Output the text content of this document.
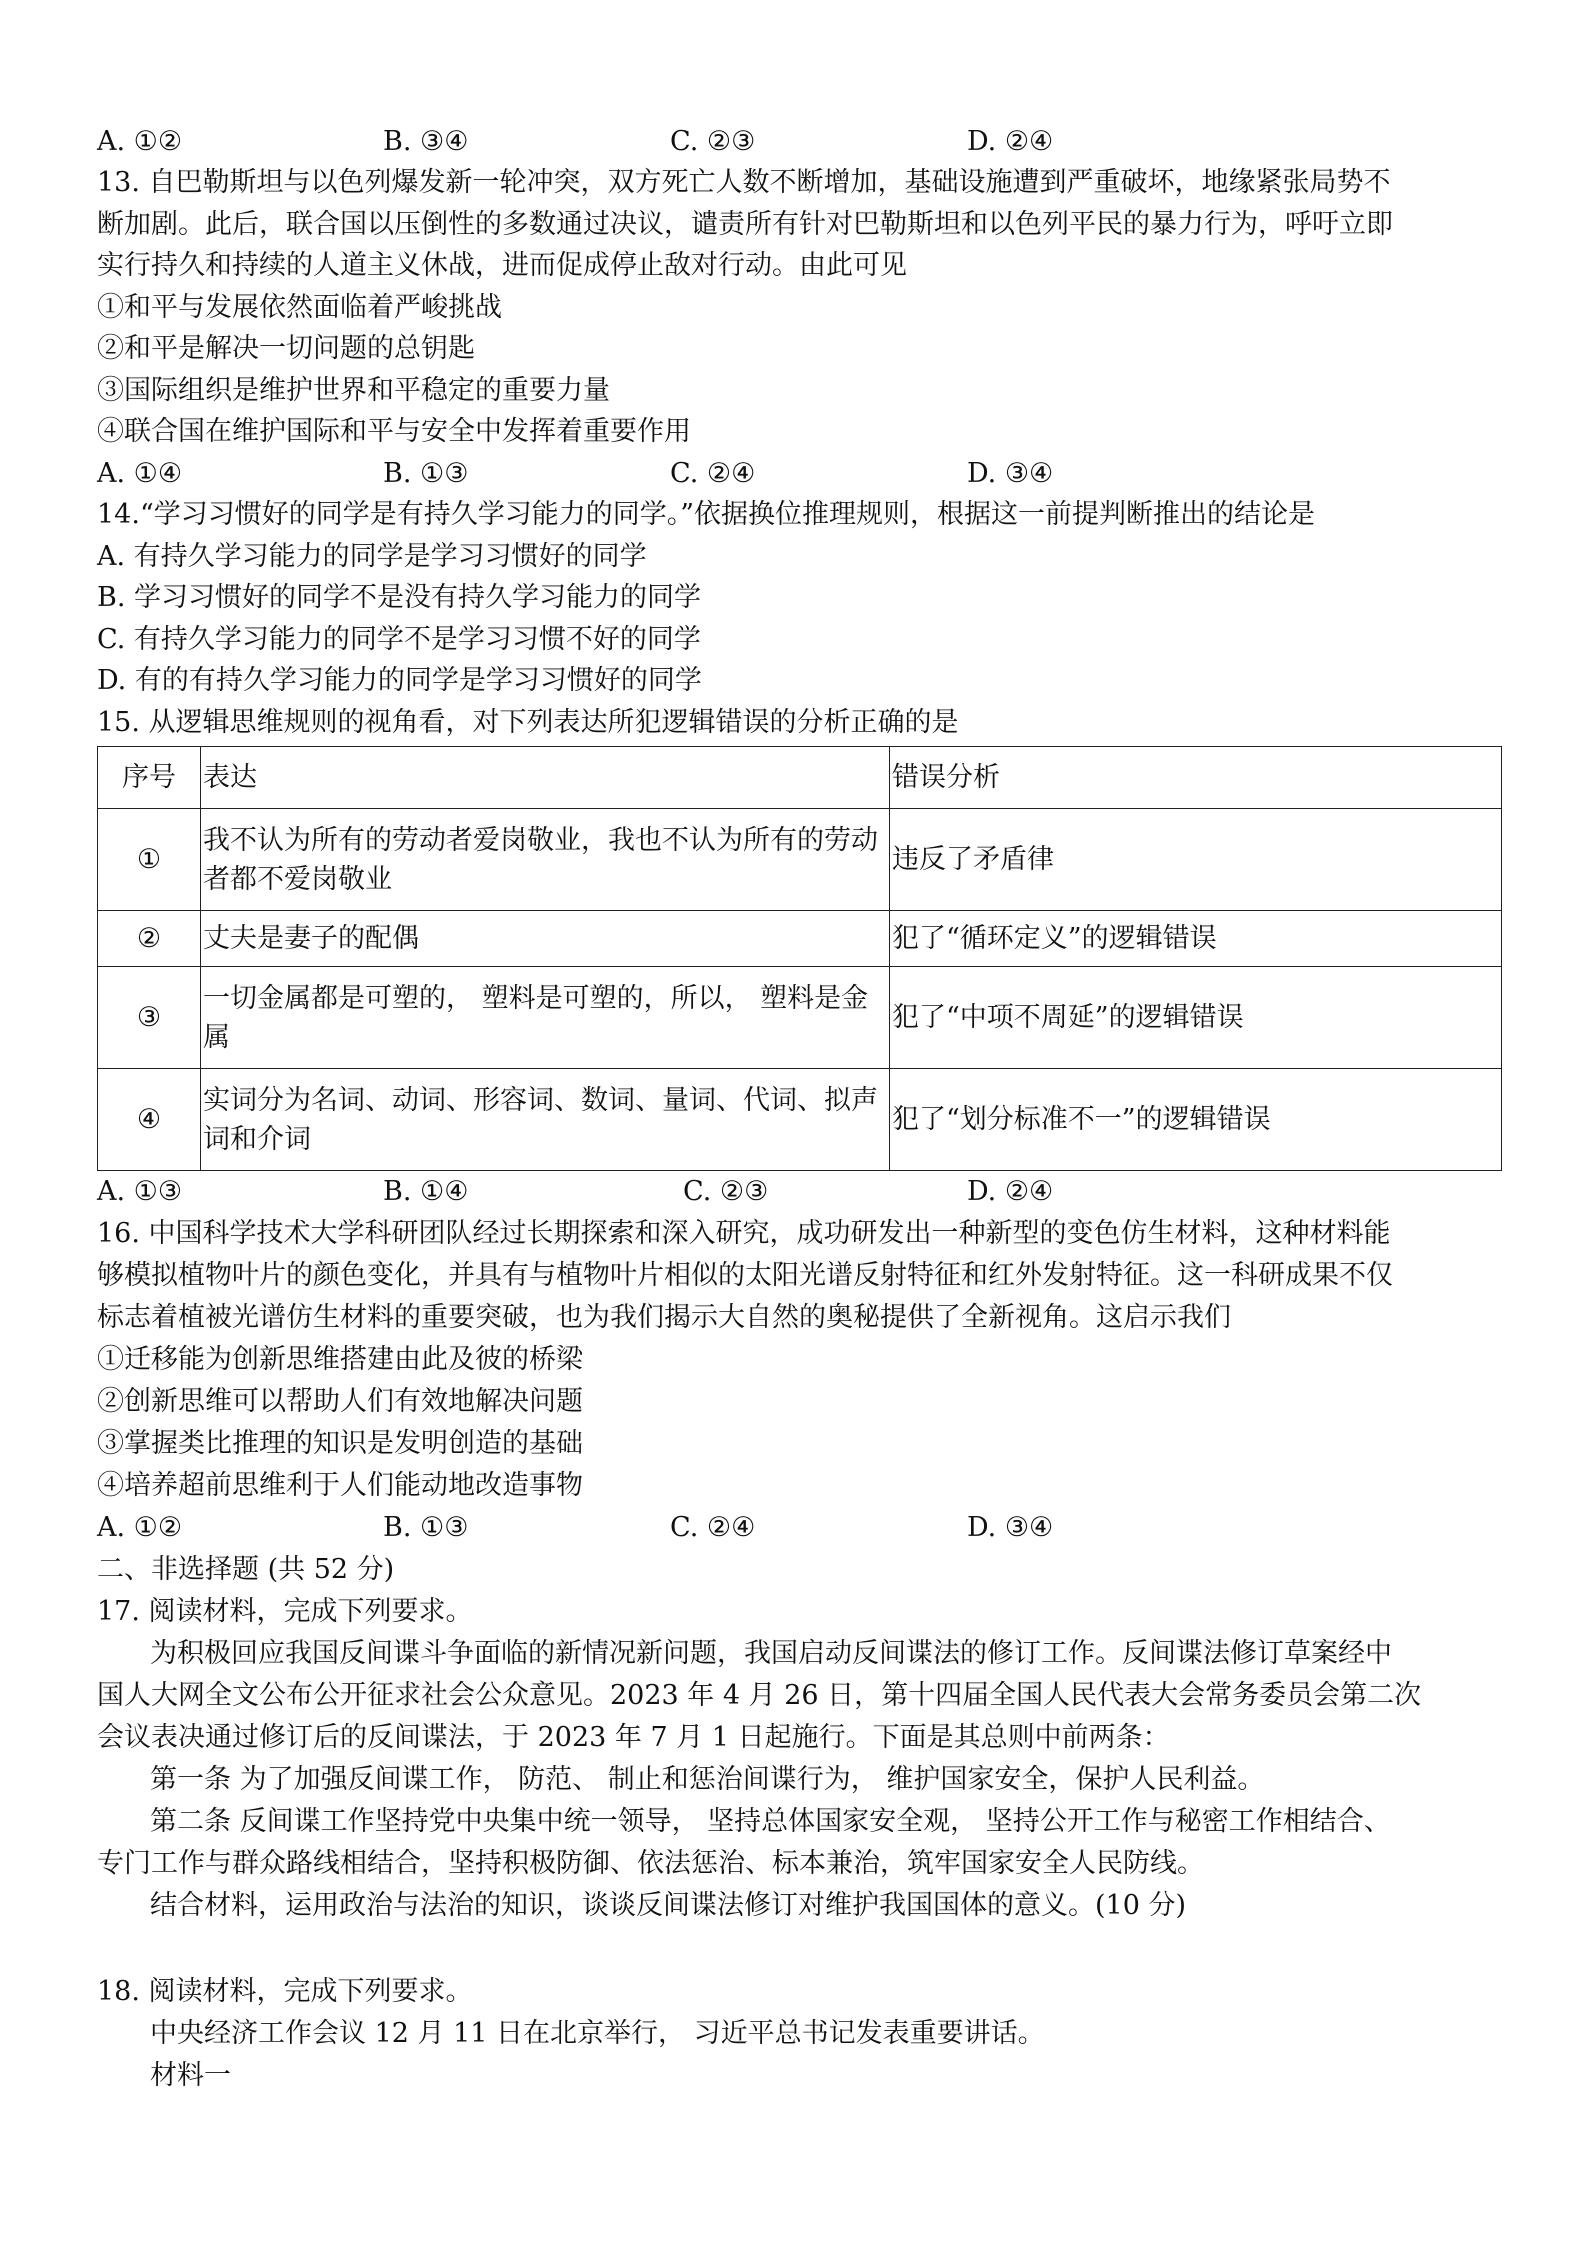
A. ①②	B. ③④	C. ②③	D. ②④
13. 自巴勒斯坦与以色列爆发新一轮冲突，双方死亡人数不断增加，基础设施遭到严重破坏，地缘紧张局势不
断加剧。此后，联合国以压倒性的多数通过决议，谴责所有针对巴勒斯坦和以色列平民的暴力行为，呼吁立即
实行持久和持续的人道主义休战，进而促成停止敌对行动。由此可见
①和平与发展依然面临着严峻挑战
②和平是解决一切问题的总钥匙
③国际组织是维护世界和平稳定的重要力量
④联合国在维护国际和平与安全中发挥着重要作用
A. ①④	B. ①③	C. ②④	D. ③④
14.“学习习惯好的同学是有持久学习能力的同学。”依据换位推理规则，根据这一前提判断推出的结论是
A. 有持久学习能力的同学是学习习惯好的同学
B. 学习习惯好的同学不是没有持久学习能力的同学
C. 有持久学习能力的同学不是学习习惯不好的同学
D. 有的有持久学习能力的同学是学习习惯好的同学
15. 从逻辑思维规则的视角看，对下列表达所犯逻辑错误的分析正确的是
序号	表达	错误分析
①	我不认为所有的劳动者爱岗敬业，我也不认为所有的劳动者都不爱岗敬业	违反了矛盾律
②	丈夫是妻子的配偶	犯了“循环定义”的逻辑错误
③	一切金属都是可塑的， 塑料是可塑的，所以， 塑料是金属	犯了“中项不周延”的逻辑错误
④	实词分为名词、动词、形容词、数词、量词、代词、拟声词和介词	犯了“划分标准不一”的逻辑错误
A. ①③	B. ①④	C. ②③	D. ②④
16. 中国科学技术大学科研团队经过长期探索和深入研究，成功研发出一种新型的变色仿生材料，这种材料能
够模拟植物叶片的颜色变化，并具有与植物叶片相似的太阳光谱反射特征和红外发射特征。这一科研成果不仅
标志着植被光谱仿生材料的重要突破，也为我们揭示大自然的奥秘提供了全新视角。这启示我们
①迁移能为创新思维搭建由此及彼的桥梁
②创新思维可以帮助人们有效地解决问题
③掌握类比推理的知识是发明创造的基础
④培养超前思维利于人们能动地改造事物
A. ①②	B. ①③	C. ②④	D. ③④
二、非选择题 (共 52 分)
17. 阅读材料，完成下列要求。
为积极回应我国反间谍斗争面临的新情况新问题，我国启动反间谍法的修订工作。反间谍法修订草案经中
国人大网全文公布公开征求社会公众意见。2023 年 4 月 26 日，第十四届全国人民代表大会常务委员会第二次
会议表决通过修订后的反间谍法，于 2023 年 7 月 1 日起施行。下面是其总则中前两条：
第一条 为了加强反间谍工作， 防范、 制止和惩治间谍行为， 维护国家安全，保护人民利益。
第二条 反间谍工作坚持党中央集中统一领导， 坚持总体国家安全观， 坚持公开工作与秘密工作相结合、
专门工作与群众路线相结合，坚持积极防御、依法惩治、标本兼治，筑牢国家安全人民防线。
结合材料，运用政治与法治的知识，谈谈反间谍法修订对维护我国国体的意义。(10 分)
18. 阅读材料，完成下列要求。
中央经济工作会议 12 月 11 日在北京举行， 习近平总书记发表重要讲话。
材料一
